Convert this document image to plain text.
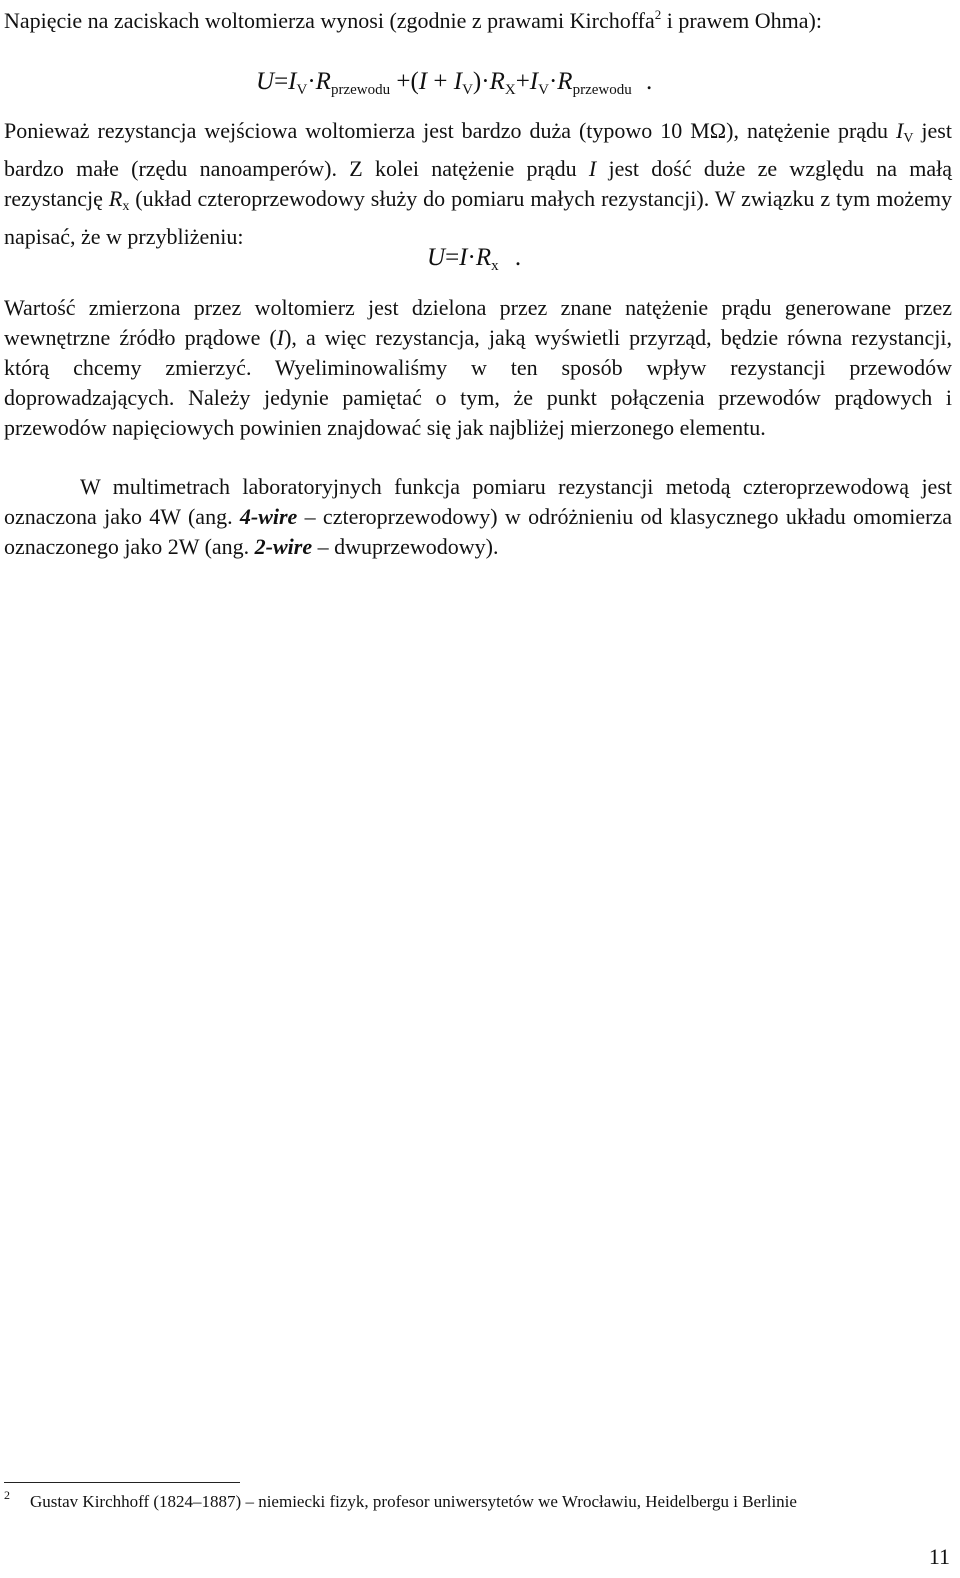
Napięcie na zaciskach woltomierza wynosi (zgodnie z prawami Kirchoffa$^2$ i prawem Ohma):

$U=I_V\cdot R_{przewodu} +(I + I_V)\cdot R_X+I_V\cdot R_{przewodu}$ .

Ponieważ rezystancja wejściowa woltomierza jest bardzo duża (typowo 10 MΩ), natężenie prądu $I_V$ jest bardzo małe (rzędu nanoamperów). Z kolei natężenie prądu I jest dość duże ze względu na małą rezystancję $R_x$ (układ czteroprzewodowy służy do pomiaru małych rezystancji). W związku z tym możemy napisać, że w przybliżeniu:

$U=I\cdot R_x$ .

Wartość zmierzona przez woltomierz jest dzielona przez znane natężenie prądu generowane przez wewnętrzne źródło prądowe (I), a więc rezystancja, jaką wyświetli przyrząd, będzie równa rezystancji, którą chcemy zmierzyć. Wyeliminowaliśmy w ten sposób wpływ rezystancji przewodów doprowadzających. Należy jedynie pamiętać o tym, że punkt połączenia przewodów prądowych i przewodów napięciowych powinien znajdować się jak najbliżej mierzonego elementu.

W multimetrach laboratoryjnych funkcja pomiaru rezystancji metodą czteroprzewodową jest oznaczona jako 4W (ang. 4-wire – czteroprzewodowy) w odróżnieniu od klasycznego układu omomierza oznaczonego jako 2W (ang. 2-wire – dwuprzewodowy).

$^2$ Gustav Kirchhoff (1824–1887) – niemiecki fizyk, profesor uniwersytetów we Wrocławiu, Heidelbergu i Berlinie
11
